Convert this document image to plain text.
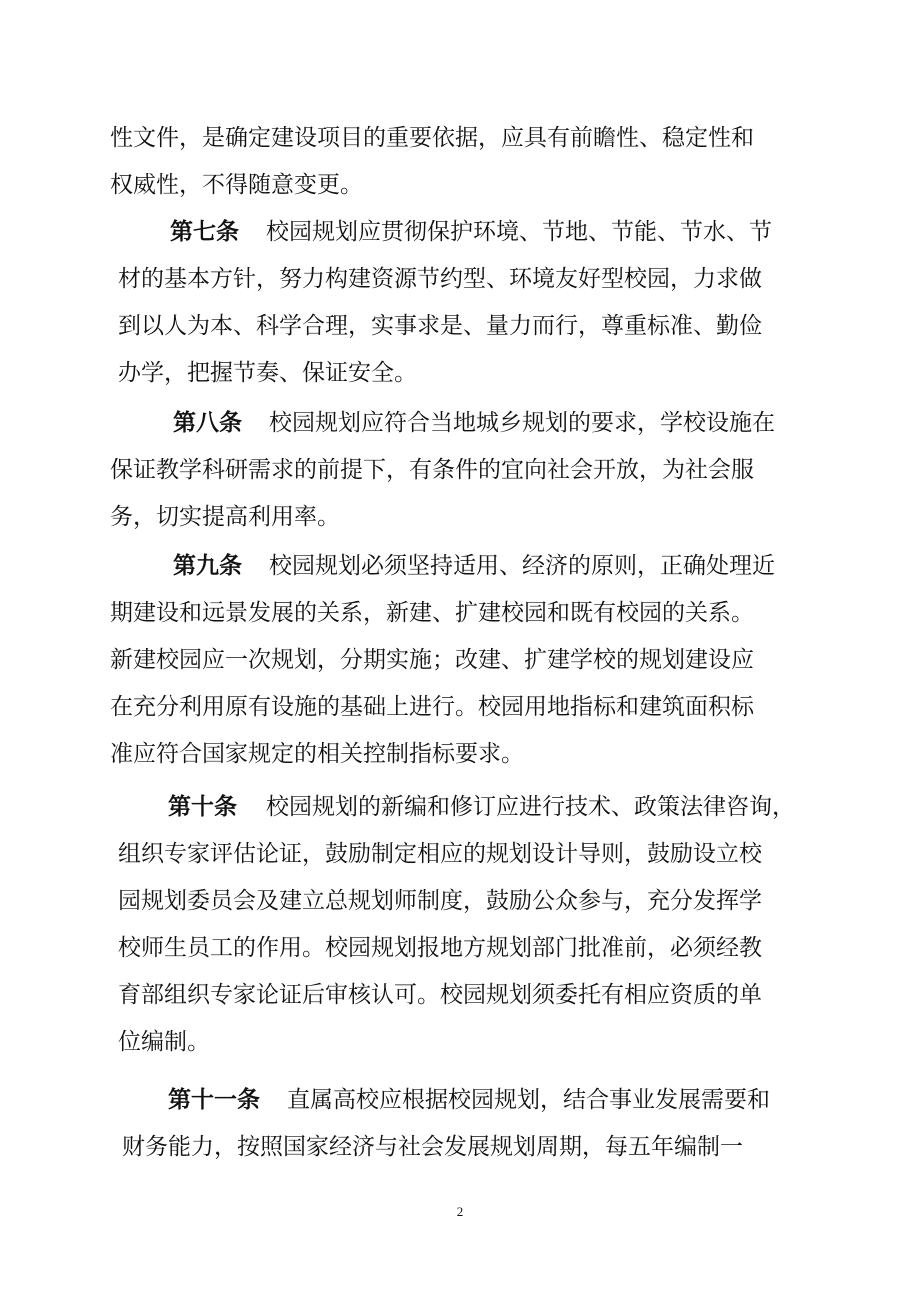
性文件，是确定建设项目的重要依据，应具有前瞻性、稳定性和
权威性，不得随意变更。
第七条 校园规划应贯彻保护环境、节地、节能、节水、节
材的基本方针，努力构建资源节约型、环境友好型校园，力求做
到以人为本、科学合理，实事求是、量力而行，尊重标准、勤俭
办学，把握节奏、保证安全。
第八条 校园规划应符合当地城乡规划的要求，学校设施在
保证教学科研需求的前提下，有条件的宜向社会开放，为社会服
务，切实提高利用率。
第九条 校园规划必须坚持适用、经济的原则，正确处理近
期建设和远景发展的关系，新建、扩建校园和既有校园的关系。
新建校园应一次规划，分期实施；改建、扩建学校的规划建设应
在充分利用原有设施的基础上进行。校园用地指标和建筑面积标
准应符合国家规定的相关控制指标要求。
第十条 校园规划的新编和修订应进行技术、政策法律咨询，
组织专家评估论证，鼓励制定相应的规划设计导则，鼓励设立校
园规划委员会及建立总规划师制度，鼓励公众参与，充分发挥学
校师生员工的作用。校园规划报地方规划部门批准前，必须经教
育部组织专家论证后审核认可。校园规划须委托有相应资质的单
位编制。
第十一条 直属高校应根据校园规划，结合事业发展需要和
财务能力，按照国家经济与社会发展规划周期，每五年编制一
2
